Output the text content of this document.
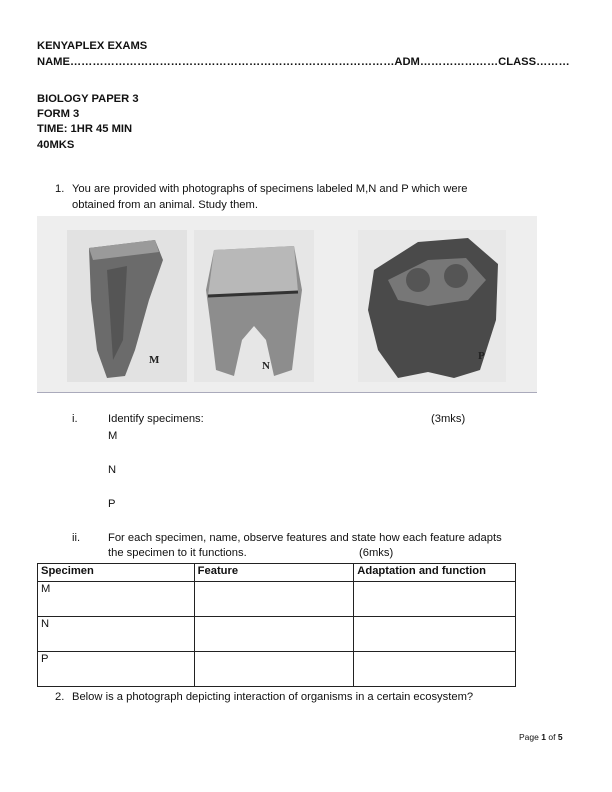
KENYAPLEX EXAMS
NAME……………………………………………………………………………ADM…………………CLASS………
BIOLOGY PAPER 3
FORM 3
TIME: 1HR 45 MIN
40MKS
1. You are provided with photographs of specimens labeled M,N and P which were
obtained from an animal. Study them.
M	N
P
i.	Identify specimens:	(3mks)
M
N
P
ii. For each specimen, name, observe features and state how each feature adapts
the specimen to it functions.	(6mks)
Specimen	Feature	Adaptation and function
M		
N		
P		
2. Below is a photograph depicting interaction of organisms in a certain ecosystem?
Page 1 of 5
